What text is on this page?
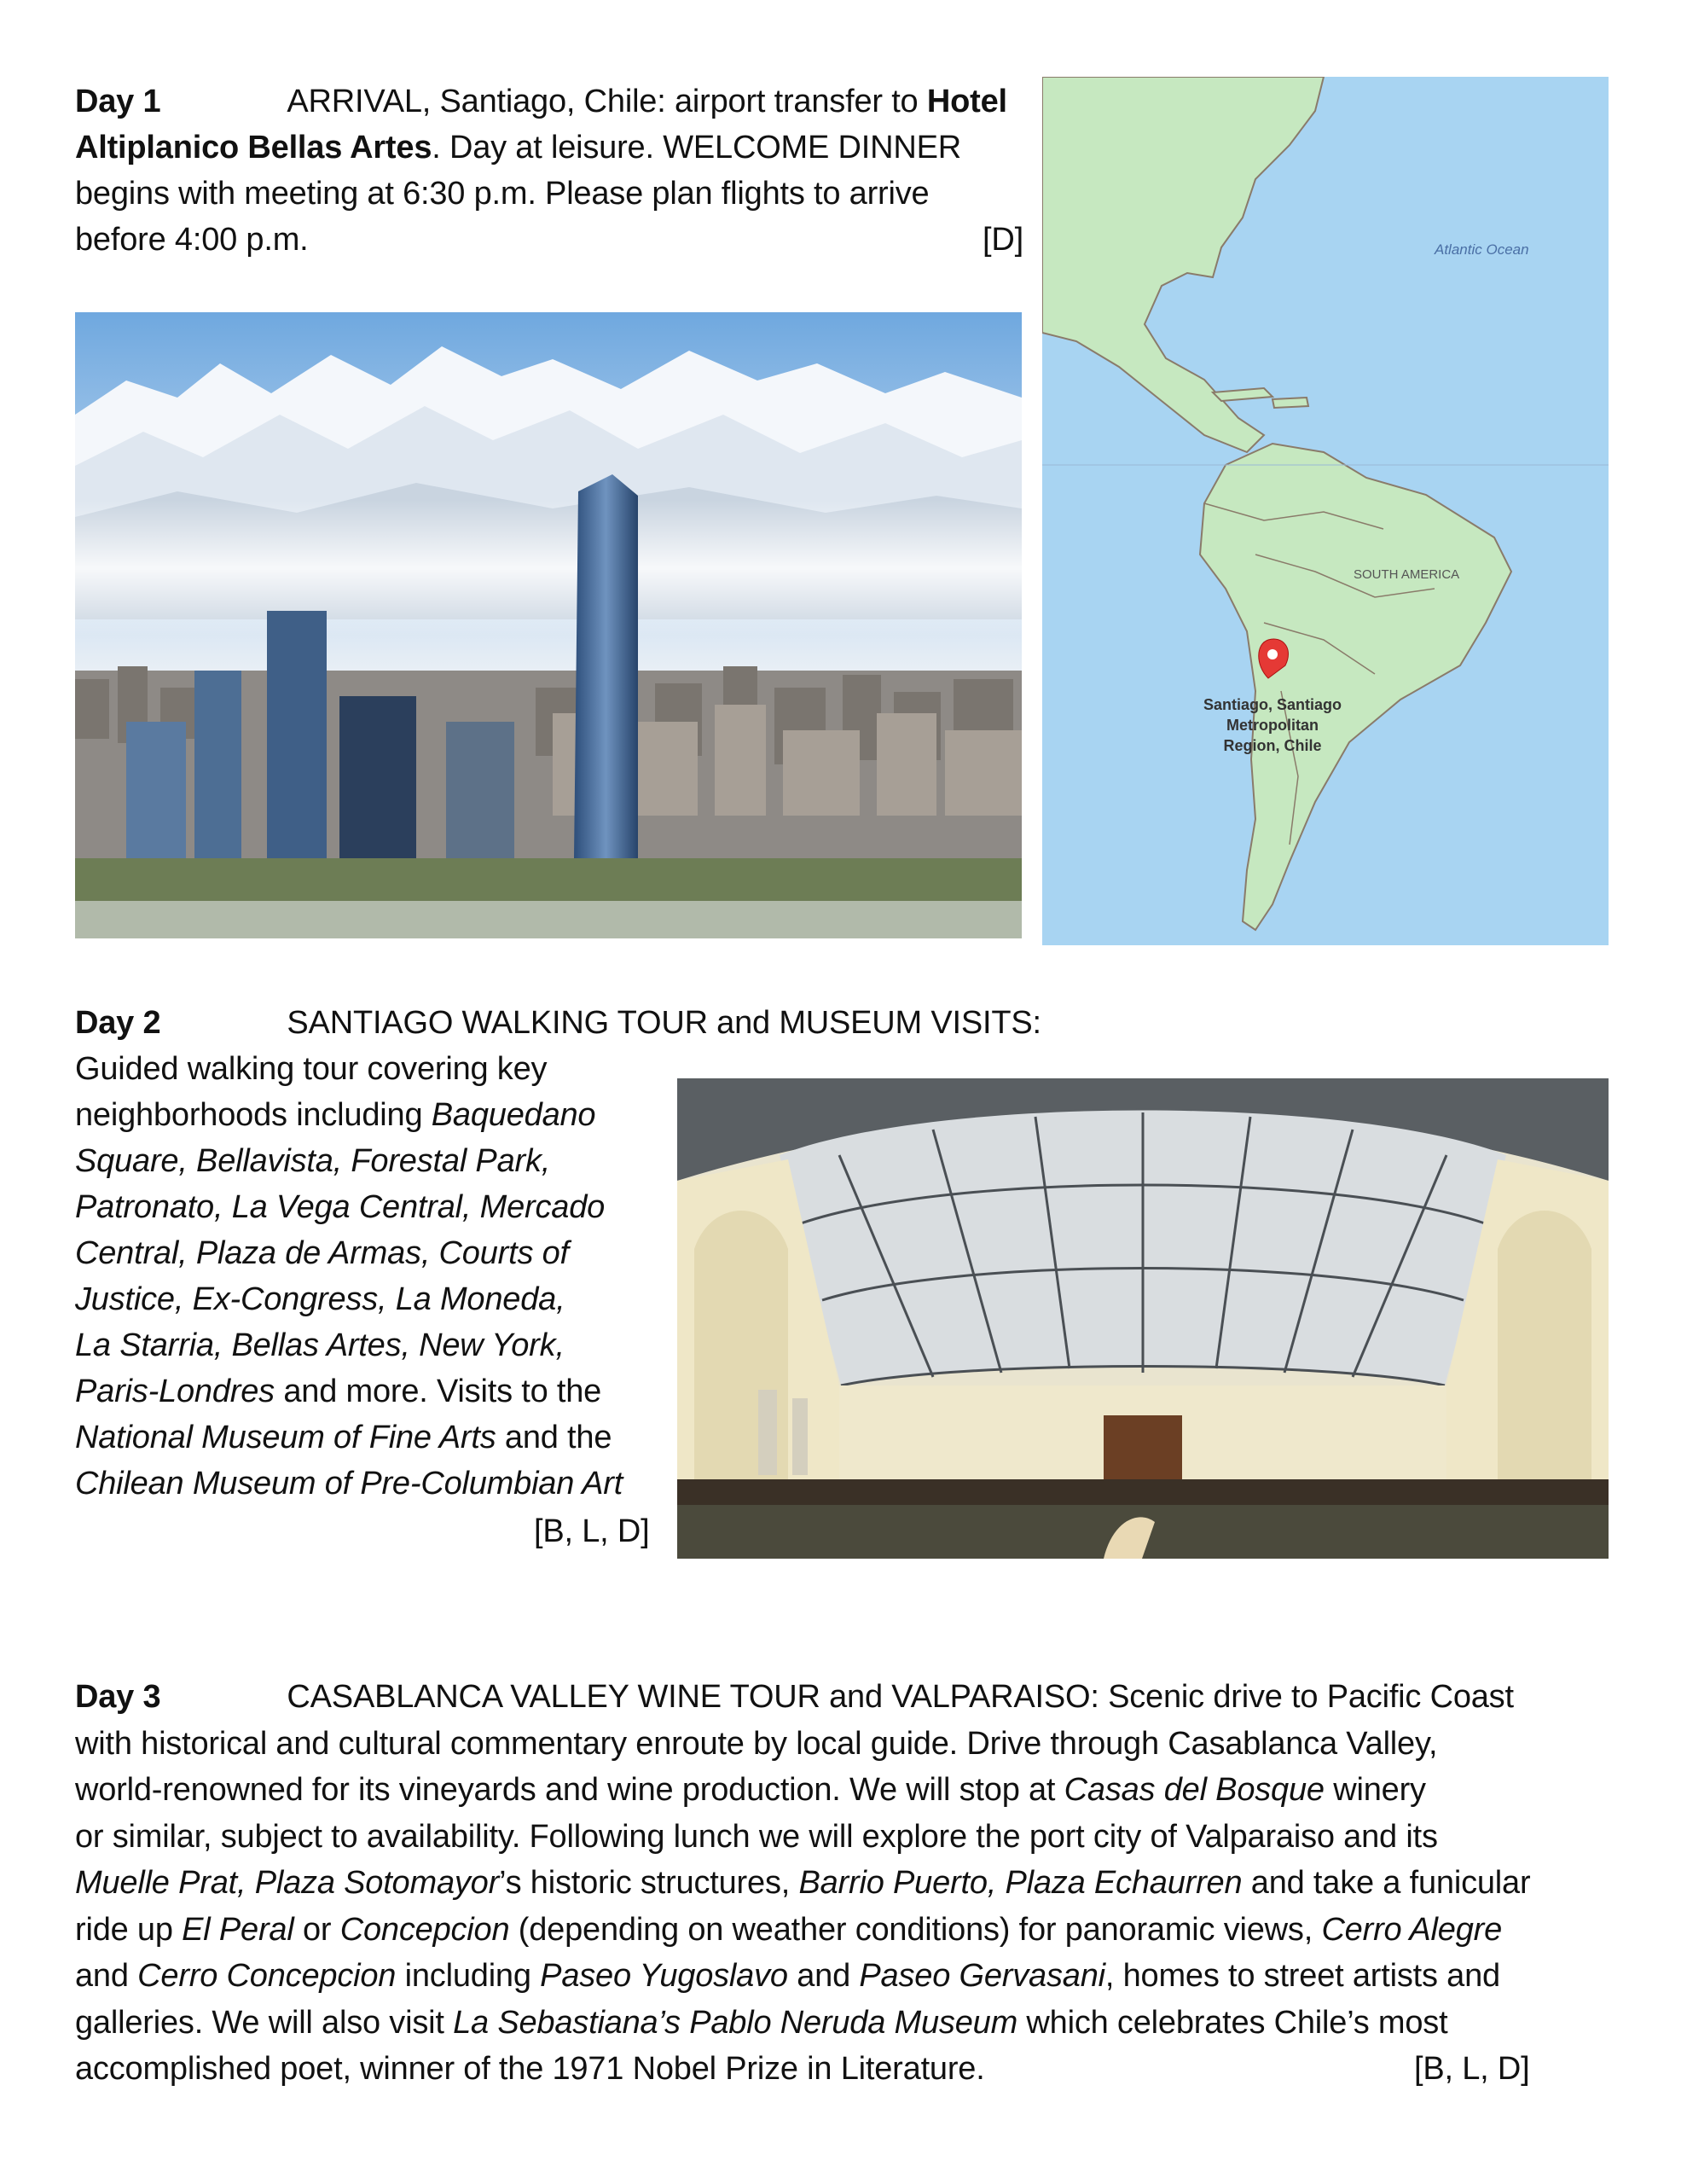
Day 1	ARRIVAL, Santiago, Chile: airport transfer to Hotel
Altiplanico Bellas Artes. Day at leisure. WELCOME DINNER
begins with meeting at 6:30 p.m. Please plan flights to arrive
before 4:00 p.m.	[D]	Atlantic Ocean
SOUTH AMERICA
Santiago, Santiago
Metropolitan
Region, Chile
Day 2	SANTIAGO WALKING TOUR and MUSEUM VISITS:
Guided walking tour covering key
neighborhoods including Baquedano
Square, Bellavista, Forestal Park,
Patronato, La Vega Central, Mercado
Central, Plaza de Armas, Courts of
Justice, Ex-Congress, La Moneda,
La Starria, Bellas Artes, New York,
Paris-Londres and more. Visits to the
National Museum of Fine Arts and the
Chilean Museum of Pre-Columbian Art
[B, L, D]
Day 3	CASABLANCA VALLEY WINE TOUR and VALPARAISO: Scenic drive to Pacific Coast
with historical and cultural commentary enroute by local guide. Drive through Casablanca Valley,
world-renowned for its vineyards and wine production. We will stop at Casas del Bosque winery
or similar, subject to availability. Following lunch we will explore the port city of Valparaiso and its
Muelle Prat, Plaza Sotomayor’s historic structures, Barrio Puerto, Plaza Echaurren and take a funicular
ride up El Peral or Concepcion (depending on weather conditions) for panoramic views, Cerro Alegre
and Cerro Concepcion including Paseo Yugoslavo and Paseo Gervasani, homes to street artists and
galleries. We will also visit La Sebastiana’s Pablo Neruda Museum which celebrates Chile’s most
accomplished poet, winner of the 1971 Nobel Prize in Literature.	[B, L, D]
